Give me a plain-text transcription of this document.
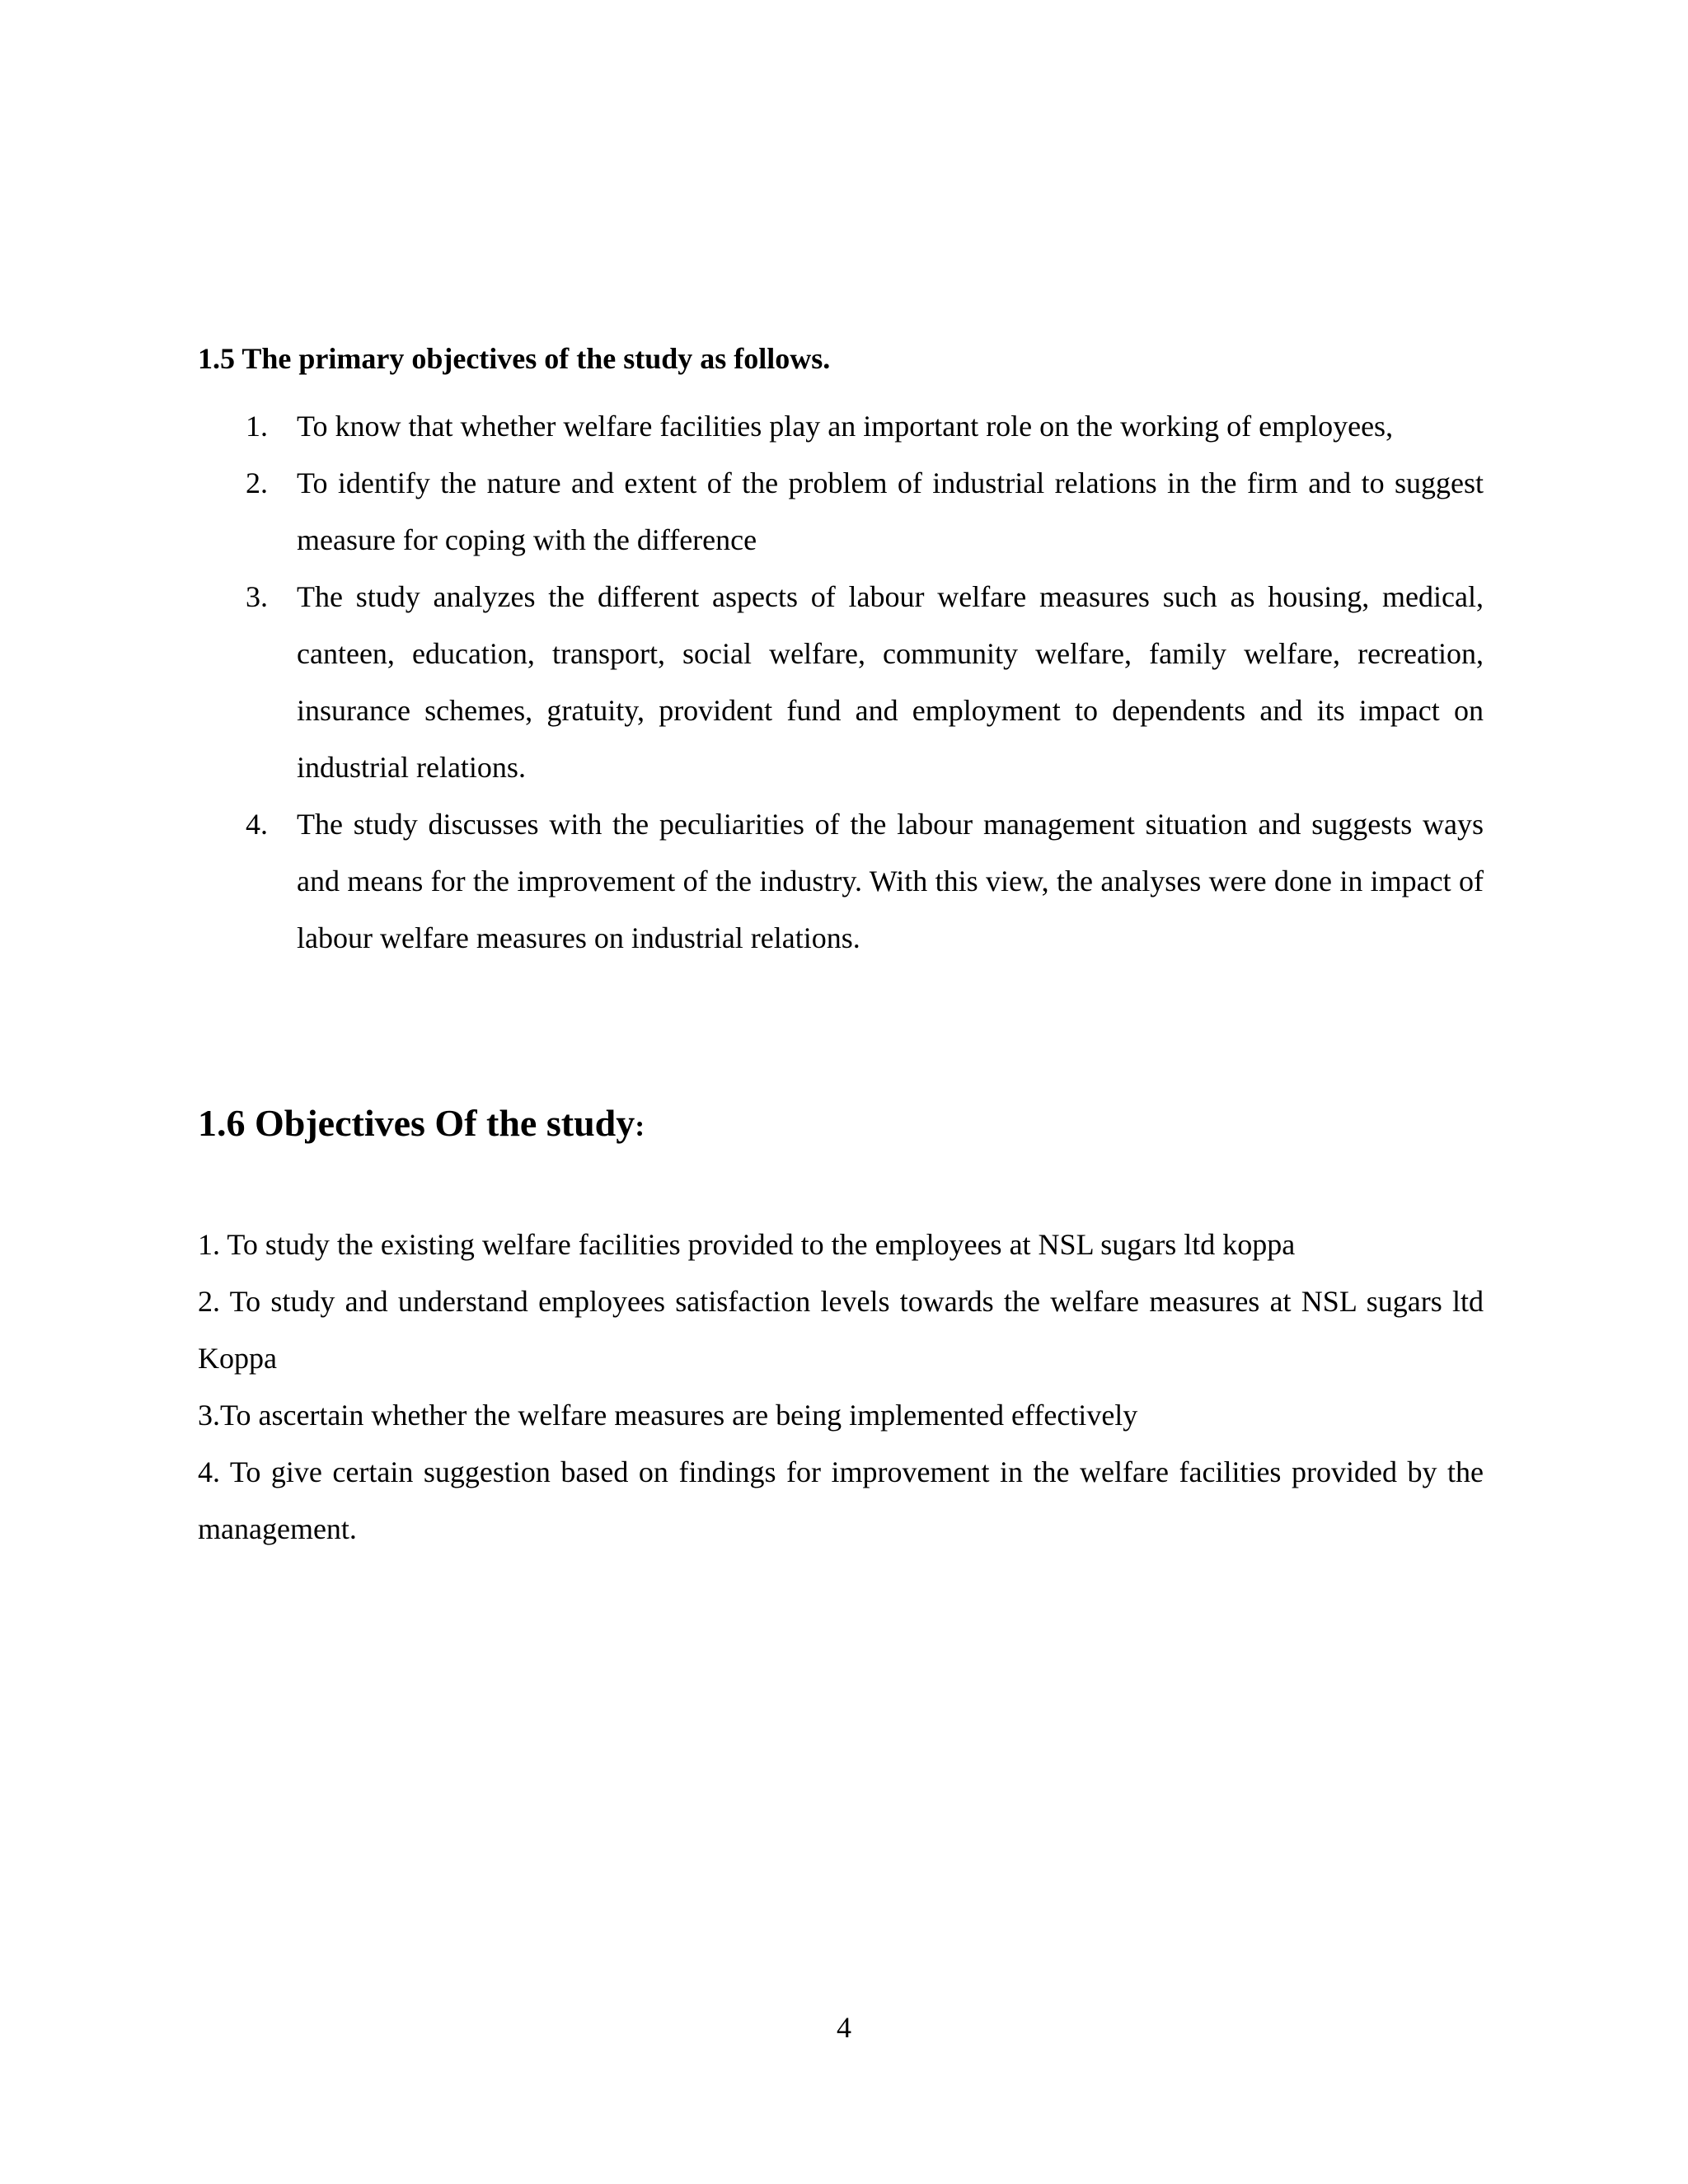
1.5 The primary objectives of the study as follows.
1. To know that whether welfare facilities play an important role on the working of employees,
2. To identify the nature and extent of the problem of industrial relations in the firm and to suggest measure for coping with the difference
3. The study analyzes the different aspects of labour welfare measures such as housing, medical, canteen, education, transport, social welfare, community welfare, family welfare, recreation, insurance schemes, gratuity, provident fund and employment to dependents and its impact on industrial relations.
4. The study discusses with the peculiarities of the labour management situation and suggests ways and means for the improvement of the industry. With this view, the analyses were done in impact of labour welfare measures on industrial relations.
1.6 Objectives Of the study:

1. To study the existing welfare facilities provided to the employees at NSL sugars ltd koppa

2. To study and understand employees satisfaction levels towards the welfare measures at NSL sugars ltd Koppa

3.To ascertain whether the welfare measures are being implemented effectively

4. To give certain suggestion based on findings for improvement in the welfare facilities provided by the management.

4
